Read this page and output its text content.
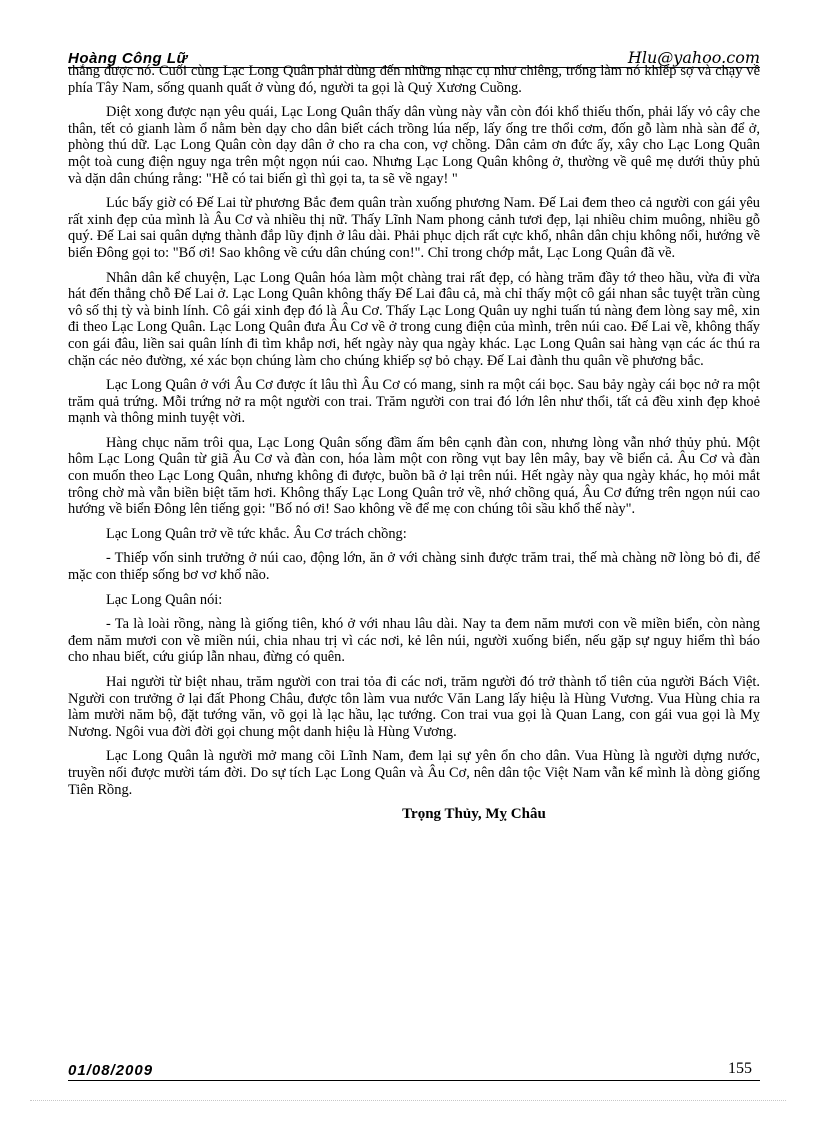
Hoàng Công Lữ	Hlu@yahoo.com

thắng được nó. Cuối cùng Lạc Long Quân phải dùng đến những nhạc cụ như chiêng, trống làm nó khiếp sợ và chạy về phía Tây Nam, sống quanh quất ở vùng đó, người ta gọi là Quỷ Xương Cuồng.

Diệt xong được nạn yêu quái, Lạc Long Quân thấy dân vùng này vẫn còn đói khổ thiếu thốn, phải lấy vỏ cây che thân, tết cỏ gianh làm ổ nằm bèn dạy cho dân biết cách trồng lúa nếp, lấy ống tre thổi cơm, đốn gỗ làm nhà sàn để ở, phòng thú dữ. Lạc Long Quân còn dạy dân ở cho ra cha con, vợ chồng. Dân cảm ơn đức ấy, xây cho Lạc Long Quân một toà cung điện nguy nga trên một ngọn núi cao. Nhưng Lạc Long Quân không ở, thường về quê mẹ dưới thủy phủ và dặn dân chúng rằng: "Hễ có tai biến gì thì gọi ta, ta sẽ về ngay! "

Lúc bấy giờ có Đế Lai từ phương Bắc đem quân tràn xuống phương Nam. Đế Lai đem theo cả người con gái yêu rất xinh đẹp của mình là Âu Cơ và nhiều thị nữ. Thấy Lĩnh Nam phong cảnh tươi đẹp, lại nhiều chim muông, nhiều gỗ quý. Đế Lai sai quân dựng thành đắp lũy định ở lâu dài. Phải phục dịch rất cực khổ, nhân dân chịu không nổi, hướng về biển Đông gọi to: "Bố ơi! Sao không về cứu dân chúng con!". Chỉ trong chớp mắt, Lạc Long Quân đã về.

Nhân dân kể chuyện, Lạc Long Quân hóa làm một chàng trai rất đẹp, có hàng trăm đầy tớ theo hầu, vừa đi vừa hát đến thẳng chỗ Đế Lai ở. Lạc Long Quân không thấy Đế Lai đâu cả, mà chỉ thấy một cô gái nhan sắc tuyệt trần cùng vô số thị tỳ và binh lính. Cô gái xinh đẹp đó là Âu Cơ. Thấy Lạc Long Quân uy nghi tuấn tú nàng đem lòng say mê, xin đi theo Lạc Long Quân. Lạc Long Quân đưa Âu Cơ về ở trong cung điện của mình, trên núi cao. Đế Lai về, không thấy con gái đâu, liền sai quân lính đi tìm khắp nơi, hết ngày này qua ngày khác. Lạc Long Quân sai hàng vạn các ác thú ra chặn các nẻo đường, xé xác bọn chúng làm cho chúng khiếp sợ bỏ chạy. Đế Lai đành thu quân về phương bắc.

Lạc Long Quân ở với Âu Cơ được ít lâu thì Âu Cơ có mang, sinh ra một cái bọc. Sau bảy ngày cái bọc nở ra một trăm quả trứng. Mỗi trứng nở ra một người con trai. Trăm người con trai đó lớn lên như thổi, tất cả đều xinh đẹp khoẻ mạnh và thông minh tuyệt vời.

Hàng chục năm trôi qua, Lạc Long Quân sống đầm ấm bên cạnh đàn con, nhưng lòng vẫn nhớ thủy phủ. Một hôm Lạc Long Quân từ giã Âu Cơ và đàn con, hóa làm một con rồng vụt bay lên mây, bay về biển cả. Âu Cơ và đàn con muốn theo Lạc Long Quân, nhưng không đi được, buồn bã ở lại trên núi. Hết ngày này qua ngày khác, họ mỏi mắt trông chờ mà vẫn biền biệt tăm hơi. Không thấy Lạc Long Quân trở về, nhớ chồng quá, Âu Cơ đứng trên ngọn núi cao hướng về biển Đông lên tiếng gọi: "Bố nó ơi! Sao không về để mẹ con chúng tôi sầu khổ thế này".

Lạc Long Quân trở về tức khắc. Âu Cơ trách chồng:

- Thiếp vốn sinh trưởng ở núi cao, động lớn, ăn ở với chàng sinh được trăm trai, thế mà chàng nỡ lòng bỏ đi, để mặc con thiếp sống bơ vơ khổ não.

Lạc Long Quân nói:

- Ta là loài rồng, nàng là giống tiên, khó ở với nhau lâu dài. Nay ta đem năm mươi con về miền biển, còn nàng đem năm mươi con về miền núi, chia nhau trị vì các nơi, kẻ lên núi, người xuống biển, nếu gặp sự nguy hiểm thì báo cho nhau biết, cứu giúp lẫn nhau, đừng có quên.

Hai người từ biệt nhau, trăm người con trai tỏa đi các nơi, trăm người đó trở thành tổ tiên của người Bách Việt. Người con trưởng ở lại đất Phong Châu, được tôn làm vua nước Văn Lang lấy hiệu là Hùng Vương. Vua Hùng chia ra làm mười năm bộ, đặt tướng văn, võ gọi là lạc hầu, lạc tướng. Con trai vua gọi là Quan Lang, con gái vua gọi là Mỵ Nương. Ngôi vua đời đời gọi chung một danh hiệu là Hùng Vương.

Lạc Long Quân là người mở mang cõi Lĩnh Nam, đem lại sự yên ổn cho dân. Vua Hùng là người dựng nước, truyền nối được mười tám đời. Do sự tích Lạc Long Quân và Âu Cơ, nên dân tộc Việt Nam vẫn kể mình là dòng giống Tiên Rồng.

Trọng Thủy, Mỵ Châu
01/08/2009	155
